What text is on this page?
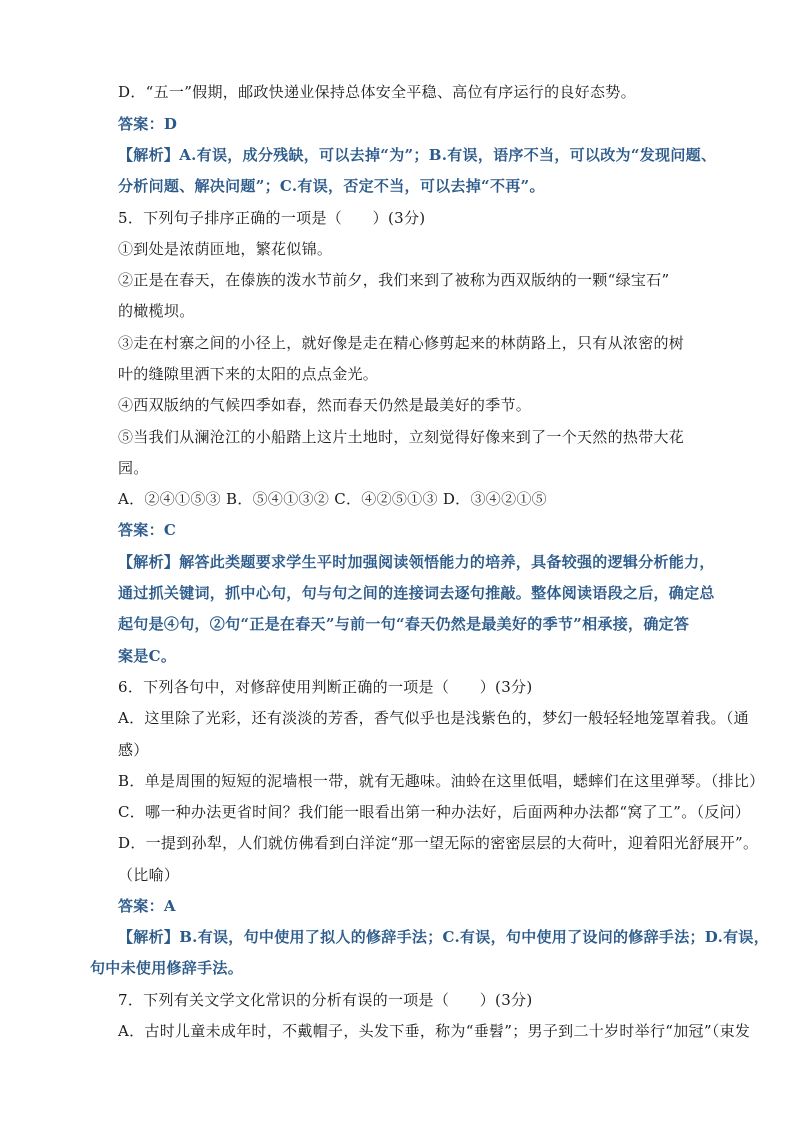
D．“五一”假期，邮政快递业保持总体安全平稳、高位有序运行的良好态势。
答案：D
【解析】A.有误，成分残缺，可以去掉“为”；B.有误，语序不当，可以改为“发现问题、
分析问题、解决问题”；C.有误，否定不当，可以去掉“不再”。
5．下列句子排序正确的一项是（　　）(3分)
①到处是浓荫匝地，繁花似锦。
②正是在春天，在傣族的泼水节前夕，我们来到了被称为西双版纳的一颗“绿宝石”
的橄榄坝。
③走在村寨之间的小径上，就好像是走在精心修剪起来的林荫路上，只有从浓密的树
叶的缝隙里洒下来的太阳的点点金光。
④西双版纳的气候四季如春，然而春天仍然是最美好的季节。
⑤当我们从澜沧江的小船踏上这片土地时，立刻觉得好像来到了一个天然的热带大花
园。
A．②④①⑤③ B．⑤④①③② C．④②⑤①③ D．③④②①⑤
答案：C
【解析】解答此类题要求学生平时加强阅读领悟能力的培养，具备较强的逻辑分析能力，
通过抓关键词，抓中心句，句与句之间的连接词去逐句推敲。整体阅读语段之后，确定总
起句是④句，②句“正是在春天”与前一句“春天仍然是最美好的季节”相承接，确定答
案是C。
6．下列各句中，对修辞使用判断正确的一项是（　　）(3分)
A．这里除了光彩，还有淡淡的芳香，香气似乎也是浅紫色的，梦幻一般轻轻地笼罩着我。（通
感）
B．单是周围的短短的泥墙根一带，就有无趣味。油蛉在这里低唱，蟋蟀们在这里弹琴。（排比）
C．哪一种办法更省时间？我们能一眼看出第一种办法好，后面两种办法都“窝了工”。（反问）
D．一提到孙犁，人们就仿佛看到白洋淀“那一望无际的密密层层的大荷叶，迎着阳光舒展开”。
（比喻）
答案：A
【解析】B.有误，句中使用了拟人的修辞手法；C.有误，句中使用了设问的修辞手法；D.有误，
句中未使用修辞手法。
7．下列有关文学文化常识的分析有误的一项是（　　）(3分)
A．古时儿童未成年时，不戴帽子，头发下垂，称为“垂髫”；男子到二十岁时举行“加冠”（束发
